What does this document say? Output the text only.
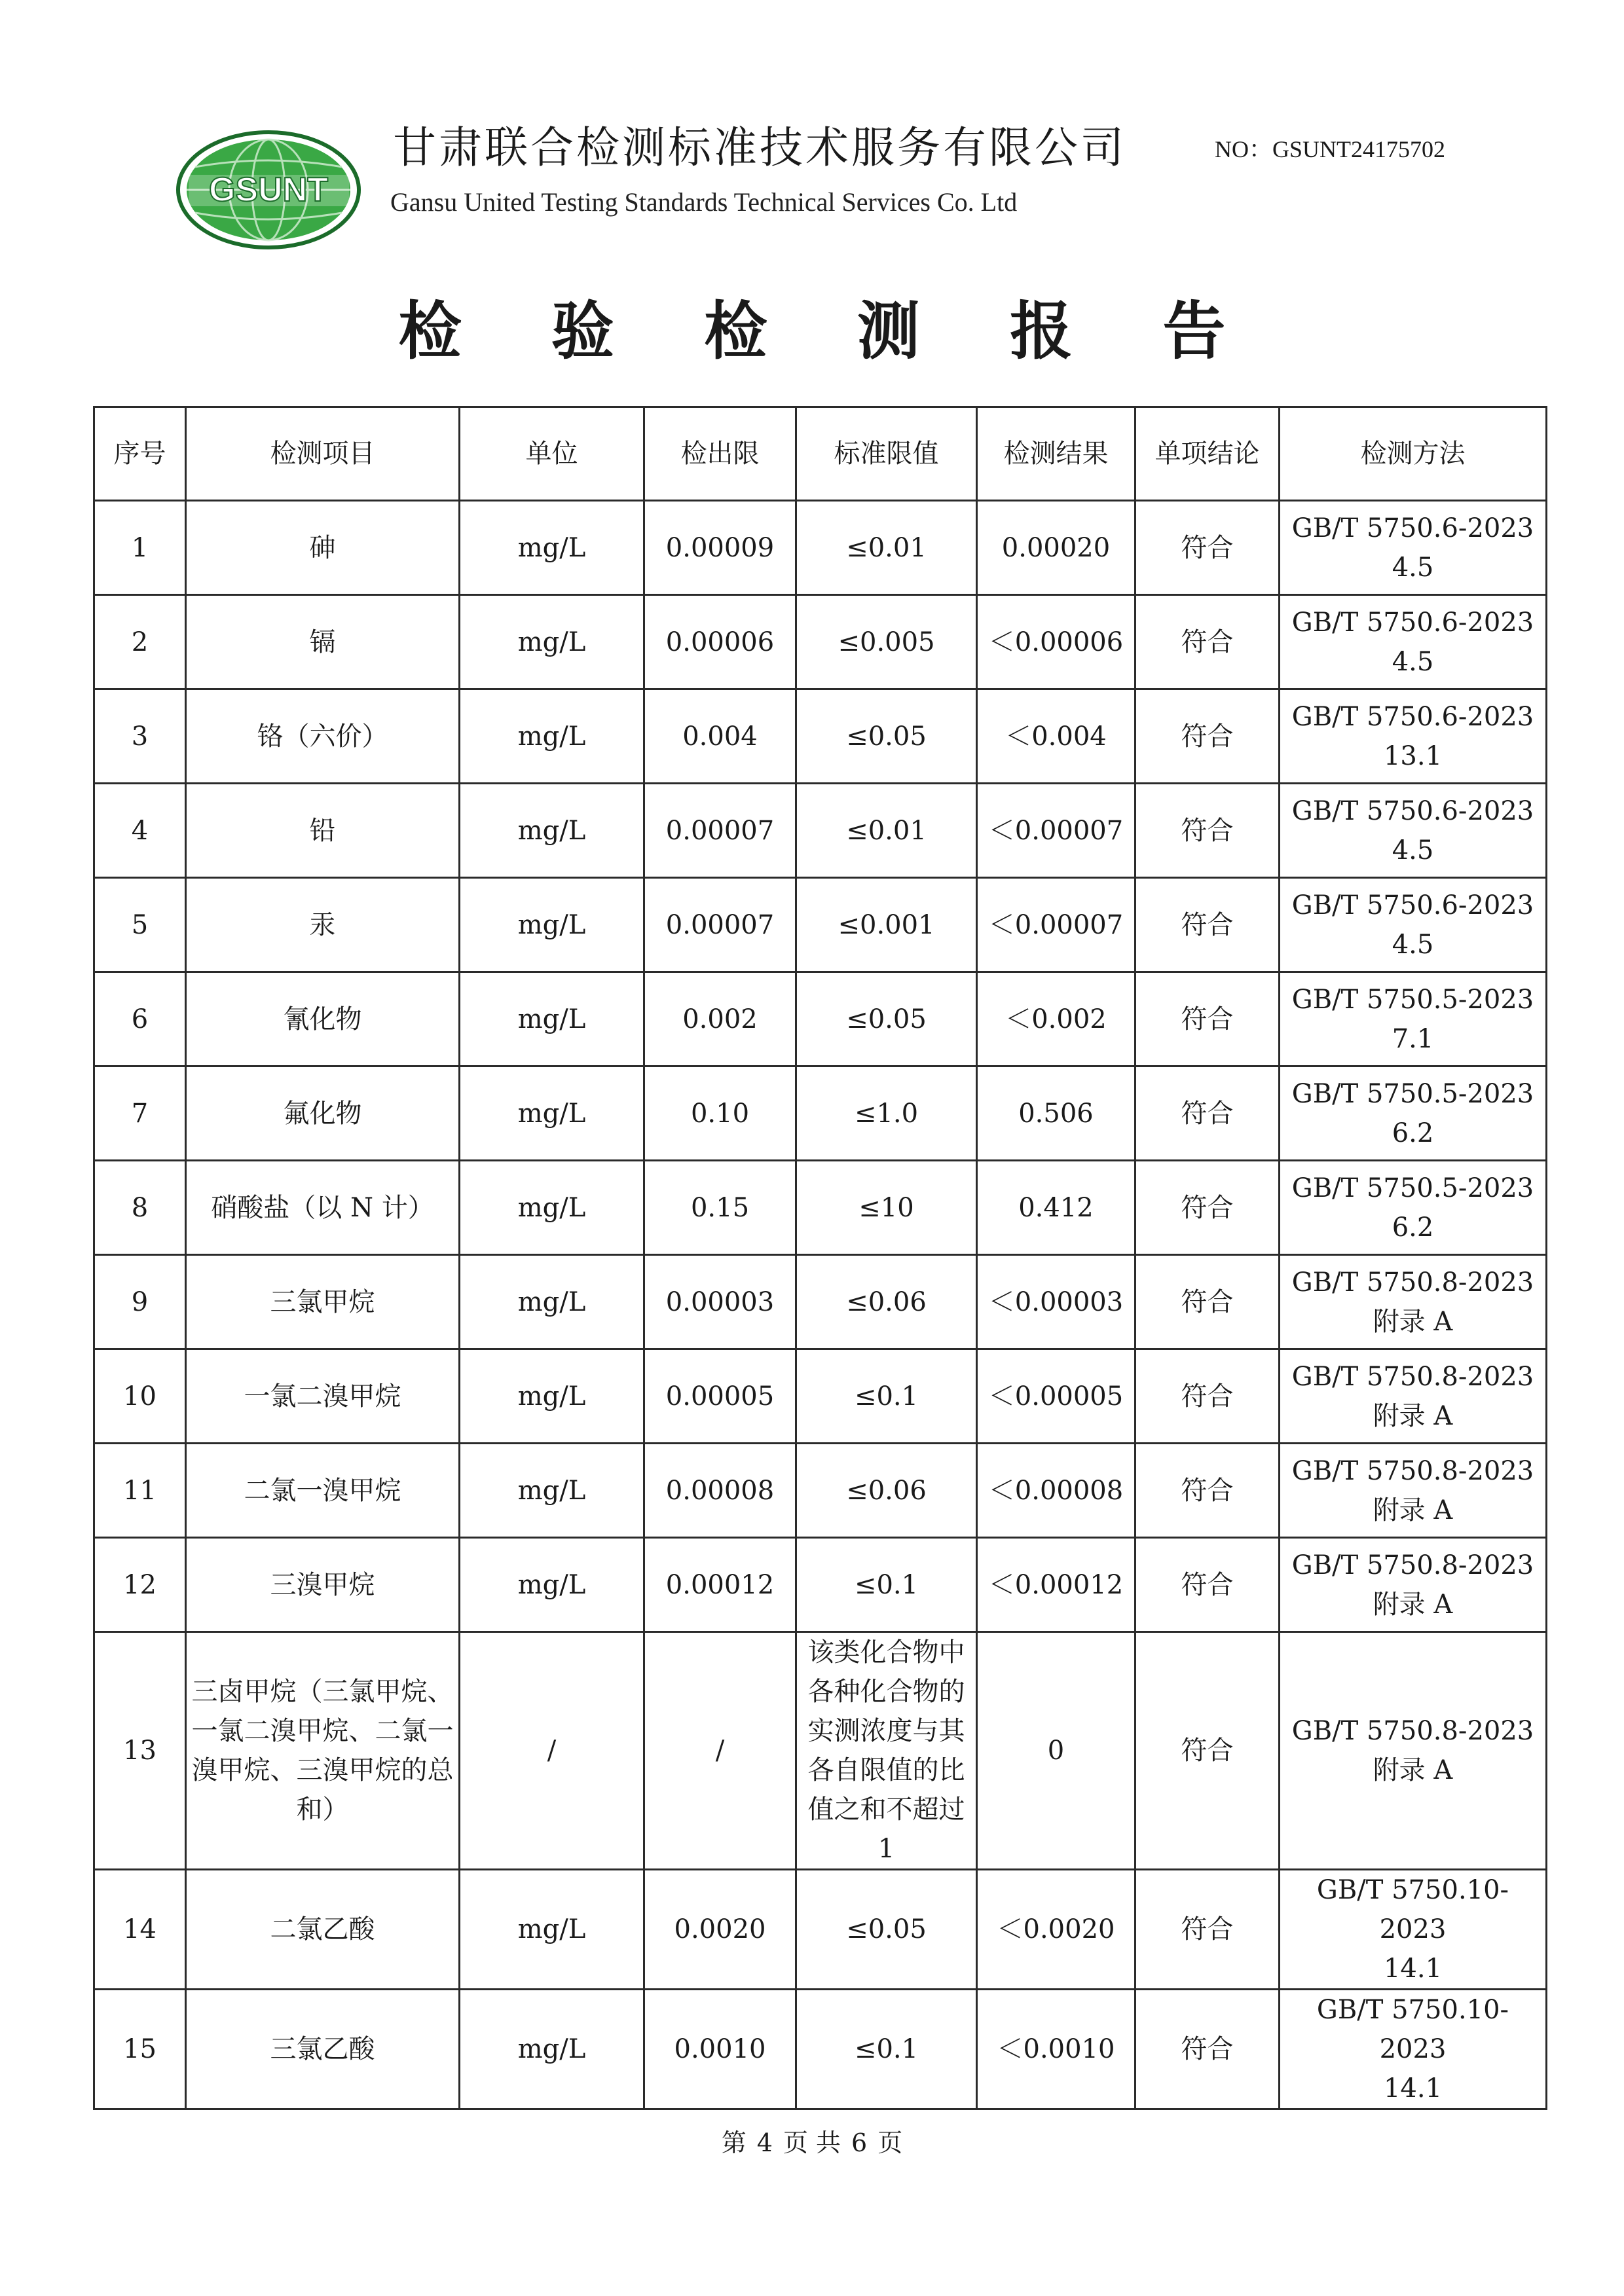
GSUNT
甘肃联合检测标准技术服务有限公司
Gansu United Testing Standards Technical Services Co. Ltd
NO：GSUNT24175702
检 验 检 测 报 告
序号	检测项目	单位	检出限	标准限值	检测结果	单项结论	检测方法
1	砷	mg/L	0.00009	≤0.01	0.00020	符合	GB/T 5750.6-2023
4.5

2	镉	mg/L	0.00006	≤0.005	＜0.00006	符合	GB/T 5750.6-2023
4.5

3	铬（六价）	mg/L	0.004	≤0.05	＜0.004	符合	GB/T 5750.6-2023
13.1

4	铅	mg/L	0.00007	≤0.01	＜0.00007	符合	GB/T 5750.6-2023
4.5

5	汞	mg/L	0.00007	≤0.001	＜0.00007	符合	GB/T 5750.6-2023
4.5

6	氰化物	mg/L	0.002	≤0.05	＜0.002	符合	GB/T 5750.5-2023
7.1

7	氟化物	mg/L	0.10	≤1.0	0.506	符合	GB/T 5750.5-2023
6.2

8	硝酸盐（以 N 计）	mg/L	0.15	≤10	0.412	符合	GB/T 5750.5-2023
6.2

9	三氯甲烷	mg/L	0.00003	≤0.06	＜0.00003	符合	GB/T 5750.8-2023
附录 A

10	一氯二溴甲烷	mg/L	0.00005	≤0.1	＜0.00005	符合	GB/T 5750.8-2023
附录 A

11	二氯一溴甲烷	mg/L	0.00008	≤0.06	＜0.00008	符合	GB/T 5750.8-2023
附录 A

12	三溴甲烷	mg/L	0.00012	≤0.1	＜0.00012	符合	GB/T 5750.8-2023
附录 A

13	三卤甲烷（三氯甲烷、一氯二溴甲烷、二氯一溴甲烷、三溴甲烷的总和）	/	/	该类化合物中各种化合物的实测浓度与其各自限值的比值之和不超过1	0	符合	GB/T 5750.8-2023
附录 A

14	二氯乙酸	mg/L	0.0020	≤0.05	＜0.0020	符合	GB/T 5750.10-2023
14.1

15	三氯乙酸	mg/L	0.0010	≤0.1	＜0.0010	符合	GB/T 5750.10-2023
14.1
第 4 页 共 6 页
